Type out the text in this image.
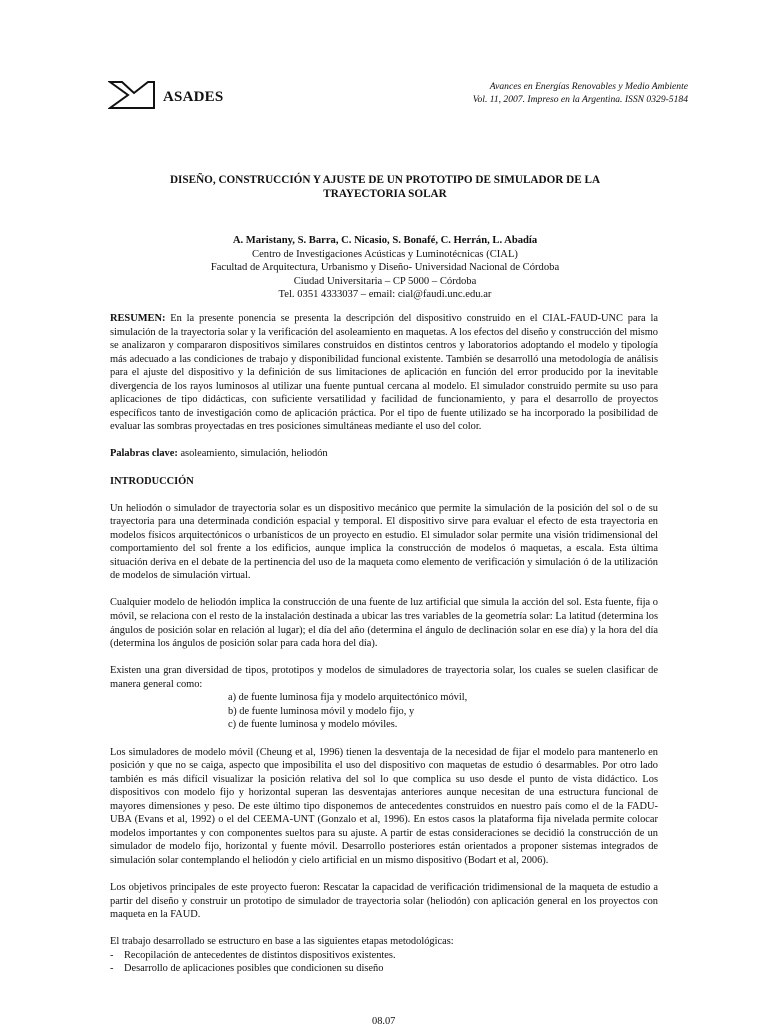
ASADES
Avances en Energías Renovables y Medio Ambiente
Vol. 11, 2007. Impreso en la Argentina. ISSN 0329-5184
DISEÑO, CONSTRUCCIÓN Y AJUSTE DE UN PROTOTIPO DE SIMULADOR DE LA
TRAYECTORIA SOLAR
A. Maristany, S. Barra, C. Nicasio, S. Bonafé, C. Herrán, L. Abadía
Centro de Investigaciones Acústicas y Luminotécnicas (CIAL)
Facultad de Arquitectura, Urbanismo y Diseño- Universidad Nacional de Córdoba
Ciudad Universitaria – CP 5000 – Córdoba
Tel. 0351 4333037 – email: cial@faudi.unc.edu.ar

RESUMEN: En la presente ponencia se presenta la descripción del dispositivo construido en el CIAL-FAUD-UNC para la simulación de la trayectoria solar y la verificación del asoleamiento en maquetas. A los efectos del diseño y construcción del mismo se analizaron y compararon dispositivos similares construidos en distintos centros y laboratorios adoptando el modelo y tipología más adecuado a las condiciones de trabajo y disponibilidad funcional existente. También se desarrolló una metodología de análisis para el ajuste del dispositivo y la definición de sus limitaciones de aplicación en función del error producido por la inevitable divergencia de los rayos luminosos al utilizar una fuente puntual cercana al modelo. El simulador construido permite su uso para aplicaciones de tipo didácticas, con suficiente versatilidad y facilidad de funcionamiento, y para el desarrollo de proyectos específicos tanto de investigación como de aplicación práctica. Por el tipo de fuente utilizado se ha incorporado la posibilidad de evaluar las sombras proyectadas en tres posiciones simultáneas mediante el uso del color.

Palabras clave: asoleamiento, simulación, heliodón

INTRODUCCIÓN

Un heliodón o simulador de trayectoria solar es un dispositivo mecánico que permite la simulación de la posición del sol o de su trayectoria para una determinada condición espacial y temporal. El dispositivo sirve para evaluar el efecto de esta trayectoria en modelos físicos arquitectónicos o urbanísticos de un proyecto en estudio. El simulador solar permite una visión tridimensional del comportamiento del sol frente a los edificios, aunque implica la construcción de modelos ó maquetas, a escala. Esta última situación deriva en el debate de la pertinencia del uso de la maqueta como elemento de verificación y simulación ó de la utilización de modelos de simulación virtual.

Cualquier modelo de heliodón implica la construcción de una fuente de luz artificial que simula la acción del sol. Esta fuente, fija o móvil, se relaciona con el resto de la instalación destinada a ubicar las tres variables de la geometría solar: La latitud (determina los ángulos de posición solar en relación al lugar); el día del año (determina el ángulo de declinación solar en ese día) y la hora del día (determina los ángulos de posición solar para cada hora del día).

Existen una gran diversidad de tipos, prototipos y modelos de simuladores de trayectoria solar, los cuales se suelen clasificar de manera general como:

a) de fuente luminosa fija y modelo arquitectónico móvil,
b) de fuente luminosa móvil y modelo fijo, y
c) de fuente luminosa y modelo móviles.

Los simuladores de modelo móvil (Cheung et al, 1996) tienen la desventaja de la necesidad de fijar el modelo para mantenerlo en posición y que no se caiga, aspecto que imposibilita el uso del dispositivo con maquetas de estudio ó desarmables. Por otro lado también es más difícil visualizar la posición relativa del sol lo que complica su uso desde el punto de vista didáctico. Los dispositivos con modelo fijo y horizontal superan las desventajas anteriores aunque necesitan de una estructura funcional de mayores dimensiones y peso. De este último tipo disponemos de antecedentes construidos en nuestro país como el de la FADU-UBA (Evans et al, 1992) o el del CEEMA-UNT (Gonzalo et al, 1996). En estos casos la plataforma fija nivelada permite colocar modelos importantes y con componentes sueltos para su ajuste. A partir de estas consideraciones se decidió la construcción de un simulador de modelo fijo, horizontal y fuente móvil. Desarrollo posteriores están orientados a proponer sistemas integrados de simulación solar contemplando el heliodón y cielo artificial en un mismo dispositivo (Bodart et al, 2006).

Los objetivos principales de este proyecto fueron: Rescatar la capacidad de verificación tridimensional de la maqueta de estudio a partir del diseño y construir un prototipo de simulador de trayectoria solar (heliodón) con aplicación general en los proyectos con maqueta en la FAUD.

El trabajo desarrollado se estructuro en base a las siguientes etapas metodológicas:

-	Recopilación de antecedentes de distintos dispositivos existentes.
-	Desarrollo de aplicaciones posibles que condicionen su diseño
08.07
